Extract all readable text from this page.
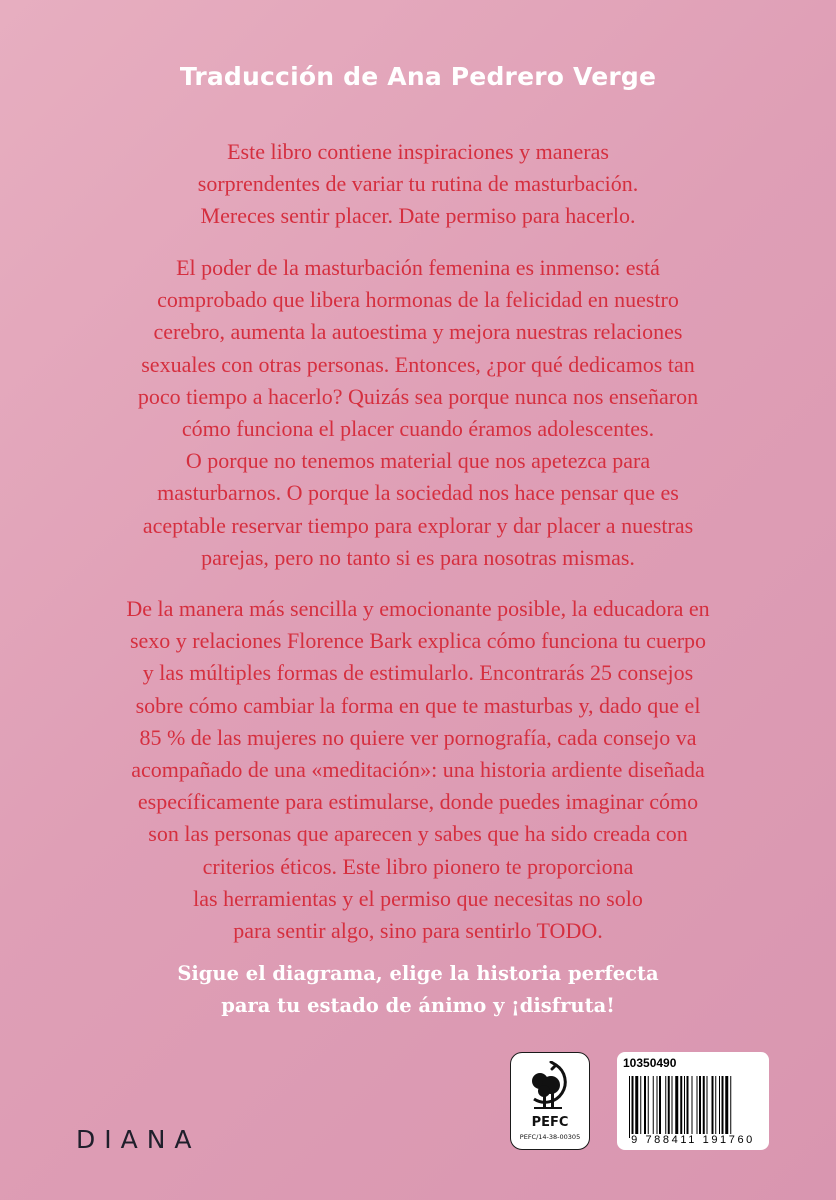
Traducción de Ana Pedrero Verge
Este libro contiene inspiraciones y maneras
sorprendentes de variar tu rutina de masturbación.
Mereces sentir placer. Date permiso para hacerlo.
El poder de la masturbación femenina es inmenso: está
comprobado que libera hormonas de la felicidad en nuestro
cerebro, aumenta la autoestima y mejora nuestras relaciones
sexuales con otras personas. Entonces, ¿por qué dedicamos tan
poco tiempo a hacerlo? Quizás sea porque nunca nos enseñaron
cómo funciona el placer cuando éramos adolescentes.
O porque no tenemos material que nos apetezca para
masturbarnos. O porque la sociedad nos hace pensar que es
aceptable reservar tiempo para explorar y dar placer a nuestras
parejas, pero no tanto si es para nosotras mismas.
De la manera más sencilla y emocionante posible, la educadora en
sexo y relaciones Florence Bark explica cómo funciona tu cuerpo
y las múltiples formas de estimularlo. Encontrarás 25 consejos
sobre cómo cambiar la forma en que te masturbas y, dado que el
85 % de las mujeres no quiere ver pornografía, cada consejo va
acompañado de una «meditación»: una historia ardiente diseñada
específicamente para estimularse, donde puedes imaginar cómo
son las personas que aparecen y sabes que ha sido creada con
criterios éticos. Este libro pionero te proporciona
las herramientas y el permiso que necesitas no solo
para sentir algo, sino para sentirlo TODO.
Sigue el diagrama, elige la historia perfecta
para tu estado de ánimo y ¡disfruta!
DIANA
PEFC
PEFC/14-38-00305
10350490
9 788411 191760
